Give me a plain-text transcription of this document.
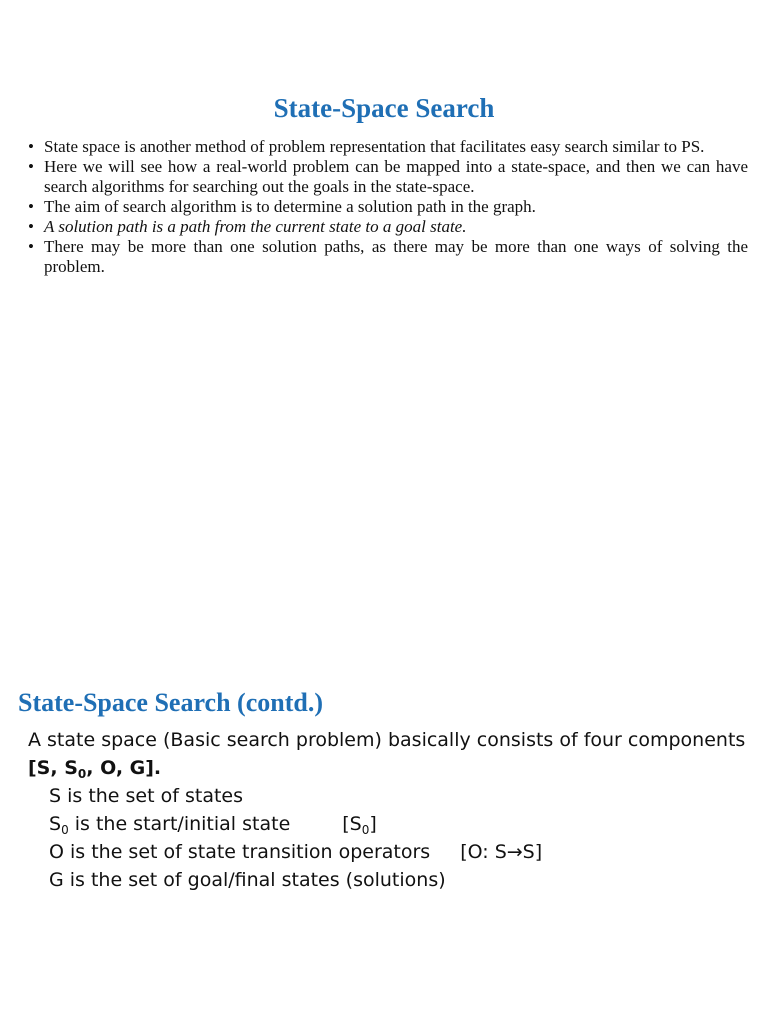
State-Space Search
• State space is another method of problem representation that facilitates easy search similar to PS.
• Here we will see how a real-world problem can be mapped into a state-space, and then we can have search algorithms for searching out the goals in the state-space.
• The aim of search algorithm is to determine a solution path in the graph.
• A solution path is a path from the current state to a goal state.
• There may be more than one solution paths, as there may be more than one ways of solving the problem.
State-Space Search (contd.)
A state space (Basic search problem) basically consists of four components
[S, $S_0$, O, G].
S is the set of states
$S_0$ is the start/initial state	$[S_0]$
O is the set of state transition operators [O: S→S]
G is the set of goal/final states (solutions)
